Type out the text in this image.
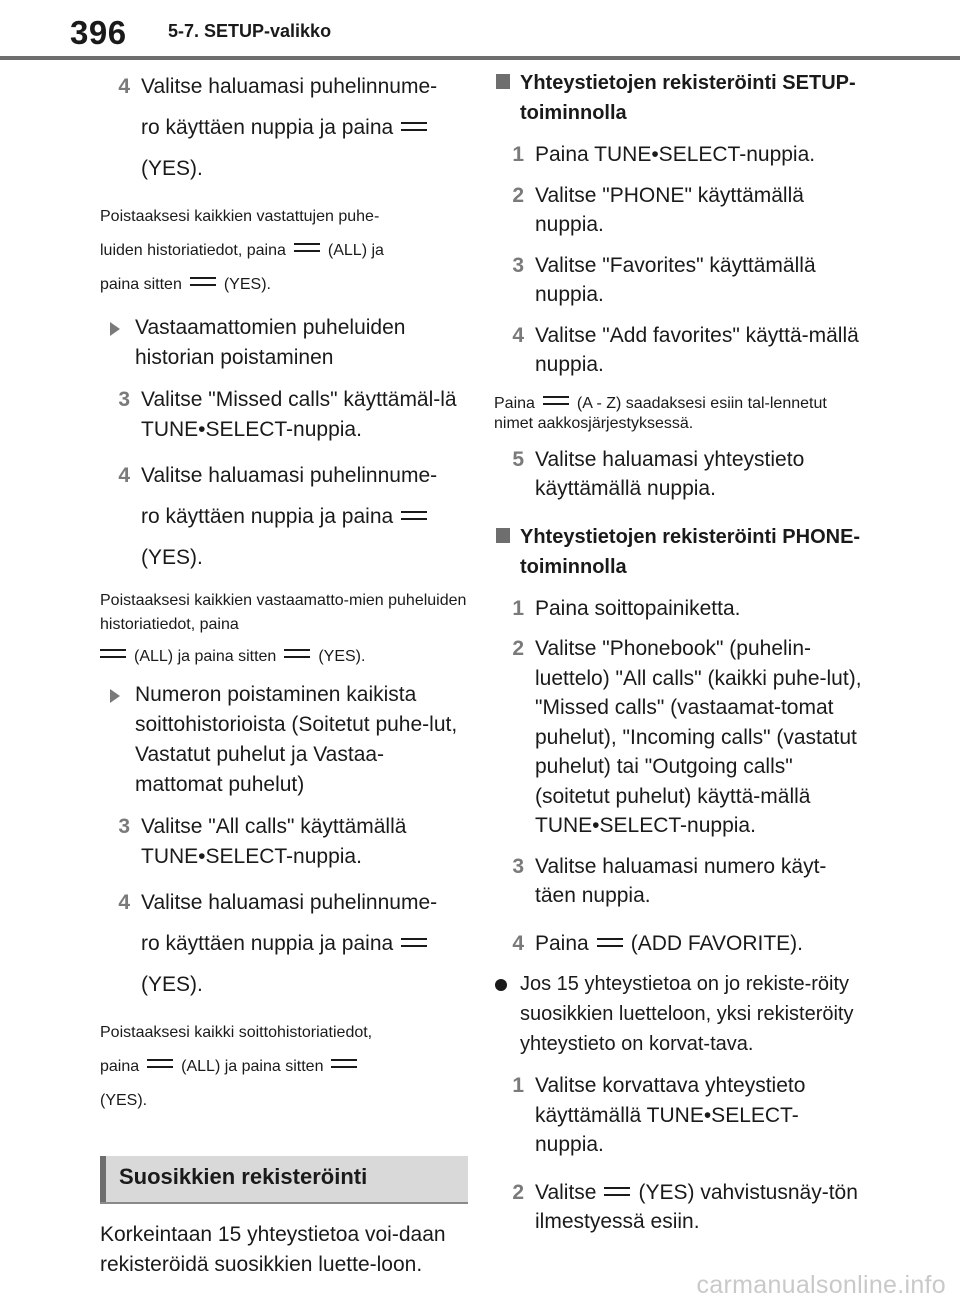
396 5-7. SETUP-valikko
4 Valitse haluamasi puhelinnume-
ro käyttäen nuppia ja paina
(YES).
Poistaaksesi kaikkien vastattujen puhe-
luiden historiatiedot, paina	(ALL) ja
paina sitten	(YES).
Vastaamattomien puheluiden historian poistaminen
3 Valitse "Missed calls" käyttämäl-lä TUNE•SELECT-nuppia.
4 Valitse haluamasi puhelinnume-
ro käyttäen nuppia ja paina
(YES).
Poistaaksesi kaikkien vastaamatto-mien puheluiden historiatiedot, paina
(ALL) ja paina sitten	(YES).
Numeron poistaminen kaikista soittohistorioista (Soitetut puhe-lut, Vastatut puhelut ja Vastaa-mattomat puhelut)
3 Valitse "All calls" käyttämällä TUNE•SELECT-nuppia.
4 Valitse haluamasi puhelinnume-
ro käyttäen nuppia ja paina
(YES).
Poistaaksesi kaikki soittohistoriatiedot,
paina	(ALL) ja paina sitten
(YES).
Suosikkien rekisteröinti
Korkeintaan 15 yhteystietoa voi-daan rekisteröidä suosikkien luette-loon.
Yhteystietojen rekisteröinti SETUP-toiminnolla
1 Paina TUNE•SELECT-nuppia.
2 Valitse "PHONE" käyttämällä nuppia.
3 Valitse "Favorites" käyttämällä nuppia.
4 Valitse "Add favorites" käyttä-mällä nuppia.
Paina	(A - Z) saadaksesi esiin tal-lennetut nimet aakkosjärjestyksessä.
5 Valitse haluamasi yhteystieto käyttämällä nuppia.
Yhteystietojen rekisteröinti PHONE-toiminnolla
1 Paina soittopainiketta.
2 Valitse "Phonebook" (puhelin-luettelo) "All calls" (kaikki puhe-lut), "Missed calls" (vastaamat-tomat puhelut), "Incoming calls" (vastatut puhelut) tai "Outgoing calls" (soitetut puhelut) käyttä-mällä TUNE•SELECT-nuppia.
3 Valitse haluamasi numero käyt-täen nuppia.
4 Paina (ADD FAVORITE).
Jos 15 yhteystietoa on jo rekiste-röity suosikkien luetteloon, yksi rekisteröity yhteystieto on korvat-tava.
1 Valitse korvattava yhteystieto käyttämällä TUNE•SELECT-nuppia.
2 Valitse (YES) vahvistusnäy-tön ilmestyessä esiin.
carmanualsonline.info
